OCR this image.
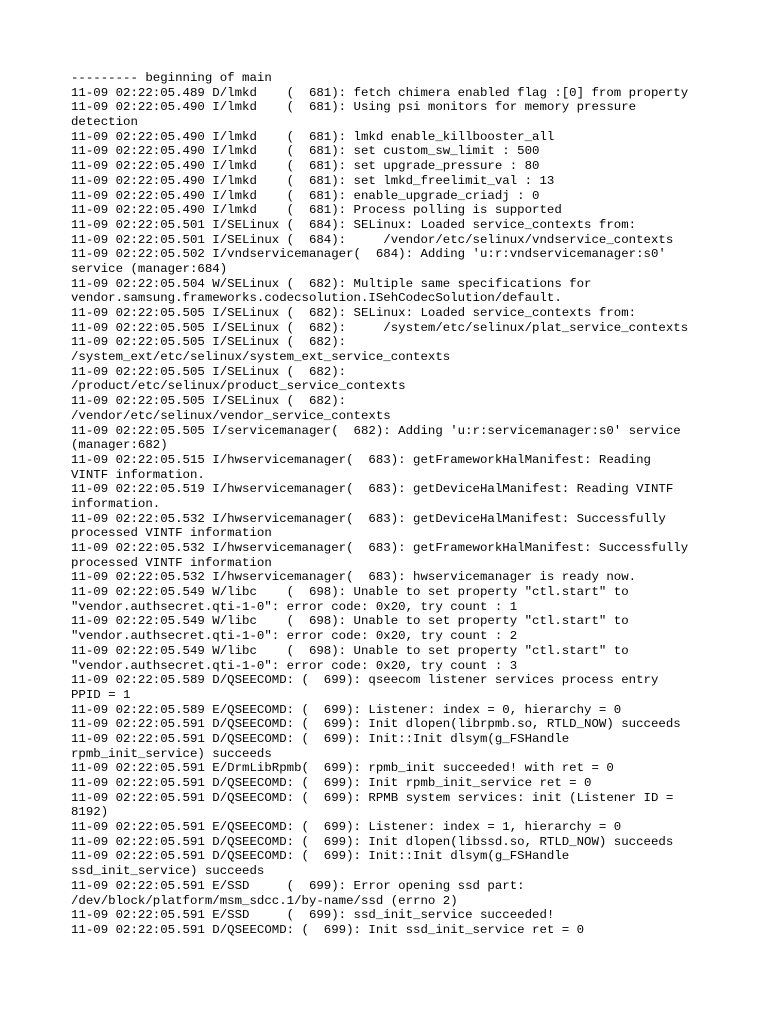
--------- beginning of main
11-09 02:22:05.489 D/lmkd    (  681): fetch chimera enabled flag :[0] from property
11-09 02:22:05.490 I/lmkd    (  681): Using psi monitors for memory pressure
detection
11-09 02:22:05.490 I/lmkd    (  681): lmkd enable_killbooster_all
11-09 02:22:05.490 I/lmkd    (  681): set custom_sw_limit : 500
11-09 02:22:05.490 I/lmkd    (  681): set upgrade_pressure : 80
11-09 02:22:05.490 I/lmkd    (  681): set lmkd_freelimit_val : 13
11-09 02:22:05.490 I/lmkd    (  681): enable_upgrade_criadj : 0
11-09 02:22:05.490 I/lmkd    (  681): Process polling is supported
11-09 02:22:05.501 I/SELinux (  684): SELinux: Loaded service_contexts from:
11-09 02:22:05.501 I/SELinux (  684):     /vendor/etc/selinux/vndservice_contexts
11-09 02:22:05.502 I/vndservicemanager(  684): Adding 'u:r:vndservicemanager:s0'
service (manager:684)
11-09 02:22:05.504 W/SELinux (  682): Multiple same specifications for
vendor.samsung.frameworks.codecsolution.ISehCodecSolution/default.
11-09 02:22:05.505 I/SELinux (  682): SELinux: Loaded service_contexts from:
11-09 02:22:05.505 I/SELinux (  682):     /system/etc/selinux/plat_service_contexts
11-09 02:22:05.505 I/SELinux (  682):
/system_ext/etc/selinux/system_ext_service_contexts
11-09 02:22:05.505 I/SELinux (  682):
/product/etc/selinux/product_service_contexts
11-09 02:22:05.505 I/SELinux (  682):
/vendor/etc/selinux/vendor_service_contexts
11-09 02:22:05.505 I/servicemanager(  682): Adding 'u:r:servicemanager:s0' service
(manager:682)
11-09 02:22:05.515 I/hwservicemanager(  683): getFrameworkHalManifest: Reading
VINTF information.
11-09 02:22:05.519 I/hwservicemanager(  683): getDeviceHalManifest: Reading VINTF
information.
11-09 02:22:05.532 I/hwservicemanager(  683): getDeviceHalManifest: Successfully
processed VINTF information
11-09 02:22:05.532 I/hwservicemanager(  683): getFrameworkHalManifest: Successfully
processed VINTF information
11-09 02:22:05.532 I/hwservicemanager(  683): hwservicemanager is ready now.
11-09 02:22:05.549 W/libc    (  698): Unable to set property "ctl.start" to
"vendor.authsecret.qti-1-0": error code: 0x20, try count : 1
11-09 02:22:05.549 W/libc    (  698): Unable to set property "ctl.start" to
"vendor.authsecret.qti-1-0": error code: 0x20, try count : 2
11-09 02:22:05.549 W/libc    (  698): Unable to set property "ctl.start" to
"vendor.authsecret.qti-1-0": error code: 0x20, try count : 3
11-09 02:22:05.589 D/QSEECOMD: (  699): qseecom listener services process entry
PPID = 1
11-09 02:22:05.589 E/QSEECOMD: (  699): Listener: index = 0, hierarchy = 0
11-09 02:22:05.591 D/QSEECOMD: (  699): Init dlopen(librpmb.so, RTLD_NOW) succeeds
11-09 02:22:05.591 D/QSEECOMD: (  699): Init::Init dlsym(g_FSHandle
rpmb_init_service) succeeds
11-09 02:22:05.591 E/DrmLibRpmb(  699): rpmb_init succeeded! with ret = 0
11-09 02:22:05.591 D/QSEECOMD: (  699): Init rpmb_init_service ret = 0
11-09 02:22:05.591 D/QSEECOMD: (  699): RPMB system services: init (Listener ID =
8192)
11-09 02:22:05.591 E/QSEECOMD: (  699): Listener: index = 1, hierarchy = 0
11-09 02:22:05.591 D/QSEECOMD: (  699): Init dlopen(libssd.so, RTLD_NOW) succeeds
11-09 02:22:05.591 D/QSEECOMD: (  699): Init::Init dlsym(g_FSHandle
ssd_init_service) succeeds
11-09 02:22:05.591 E/SSD     (  699): Error opening ssd part:
/dev/block/platform/msm_sdcc.1/by-name/ssd (errno 2)
11-09 02:22:05.591 E/SSD     (  699): ssd_init_service succeeded!
11-09 02:22:05.591 D/QSEECOMD: (  699): Init ssd_init_service ret = 0
